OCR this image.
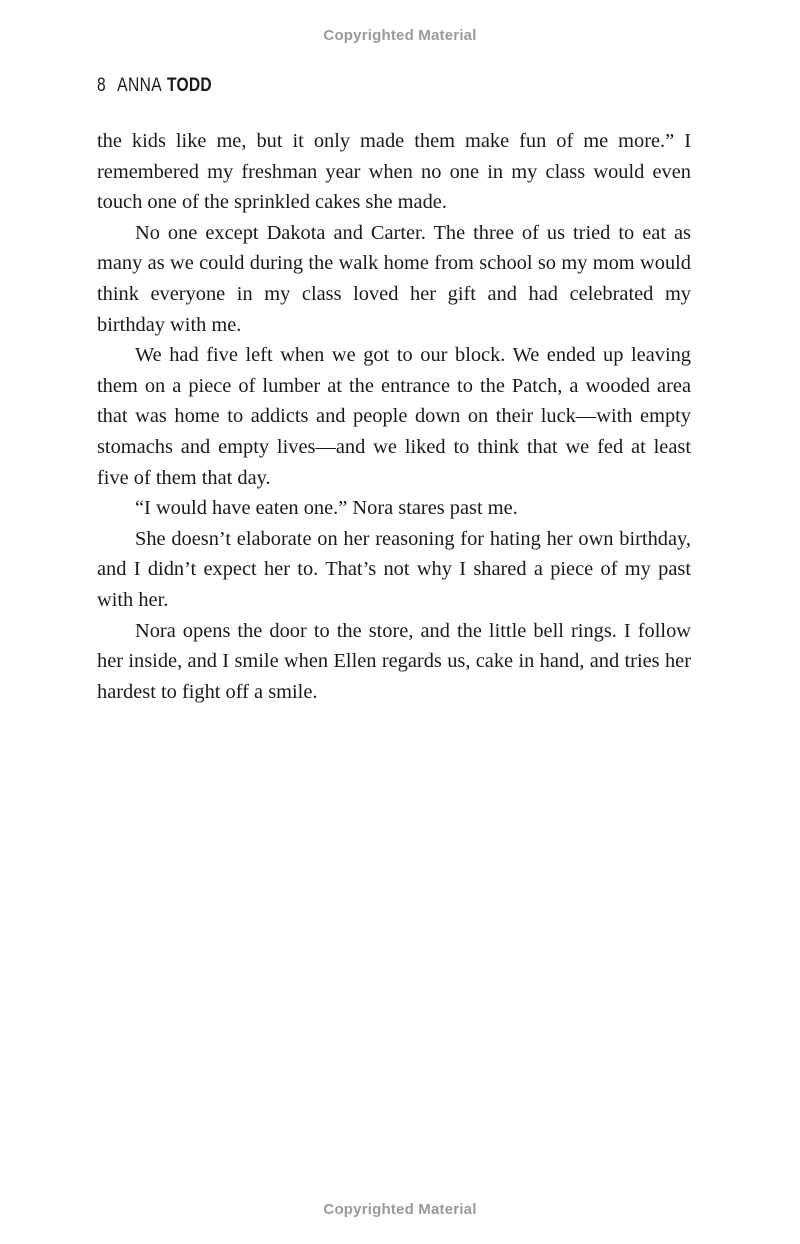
Copyrighted Material
8 ANNA TODD

the kids like me, but it only made them make fun of me more.” I remembered my freshman year when no one in my class would even touch one of the sprinkled cakes she made.

No one except Dakota and Carter. The three of us tried to eat as many as we could during the walk home from school so my mom would think everyone in my class loved her gift and had celebrated my birthday with me.

We had five left when we got to our block. We ended up leaving them on a piece of lumber at the entrance to the Patch, a wooded area that was home to addicts and people down on their luck—with empty stomachs and empty lives—and we liked to think that we fed at least five of them that day.

“I would have eaten one.” Nora stares past me.

She doesn’t elaborate on her reasoning for hating her own birthday, and I didn’t expect her to. That’s not why I shared a piece of my past with her.

Nora opens the door to the store, and the little bell rings. I follow her inside, and I smile when Ellen regards us, cake in hand, and tries her hardest to fight off a smile.

Copyrighted Material
